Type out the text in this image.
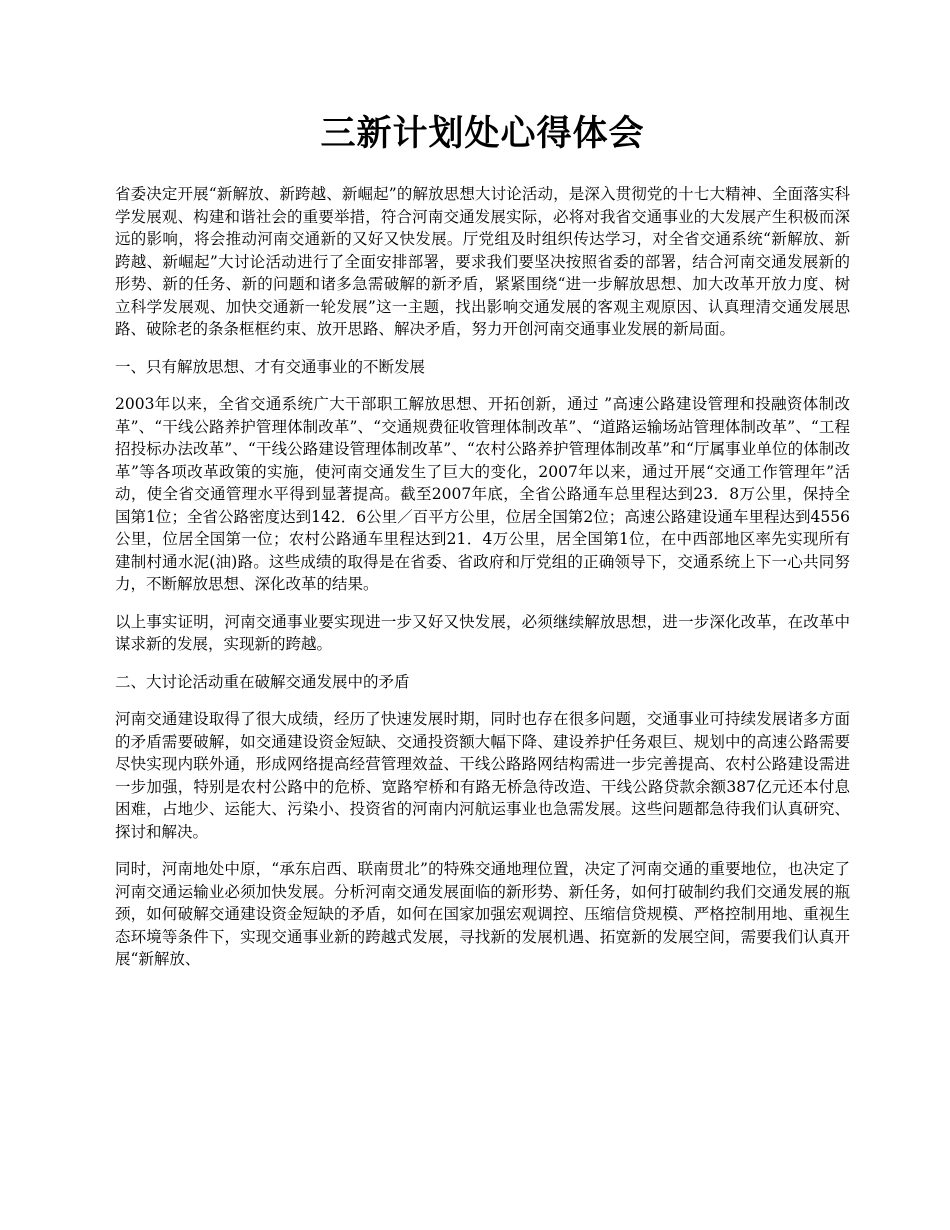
三新计划处心得体会

省委决定开展“新解放、新跨越、新崛起”的解放思想大讨论活动，是深入贯彻党的十七大精神、全面落实科学发展观、构建和谐社会的重要举措，符合河南交通发展实际，必将对我省交通事业的大发展产生积极而深远的影响，将会推动河南交通新的又好又快发展。厅党组及时组织传达学习，对全省交通系统“新解放、新跨越、新崛起”大讨论活动进行了全面安排部署，要求我们要坚决按照省委的部署，结合河南交通发展新的形势、新的任务、新的问题和诸多急需破解的新矛盾，紧紧围绕“进一步解放思想、加大改革开放力度、树立科学发展观、加快交通新一轮发展”这一主题，找出影响交通发展的客观主观原因、认真理清交通发展思路、破除老的条条框框约束、放开思路、解决矛盾，努力开创河南交通事业发展的新局面。

一、只有解放思想、才有交通事业的不断发展

2003年以来，全省交通系统广大干部职工解放思想、开拓创新，通过 ”高速公路建设管理和投融资体制改革”、“干线公路养护管理体制改革”、“交通规费征收管理体制改革”、“道路运输场站管理体制改革”、“工程招投标办法改革”、“干线公路建设管理体制改革”、“农村公路养护管理体制改革”和“厅属事业单位的体制改革”等各项改革政策的实施，使河南交通发生了巨大的变化，2007年以来，通过开展“交通工作管理年”活动，使全省交通管理水平得到显著提高。截至2007年底，全省公路通车总里程达到23．8万公里，保持全国第1位；全省公路密度达到142．6公里／百平方公里，位居全国第2位；高速公路建设通车里程达到4556公里，位居全国第一位；农村公路通车里程达到21．4万公里，居全国第1位，在中西部地区率先实现所有建制村通水泥(油)路。这些成绩的取得是在省委、省政府和厅党组的正确领导下，交通系统上下一心共同努力，不断解放思想、深化改革的结果。

以上事实证明，河南交通事业要实现进一步又好又快发展，必须继续解放思想，进一步深化改革，在改革中谋求新的发展，实现新的跨越。

二、大讨论活动重在破解交通发展中的矛盾

河南交通建设取得了很大成绩，经历了快速发展时期，同时也存在很多问题，交通事业可持续发展诸多方面的矛盾需要破解，如交通建设资金短缺、交通投资额大幅下降、建设养护任务艰巨、规划中的高速公路需要尽快实现内联外通，形成网络提高经营管理效益、干线公路路网结构需进一步完善提高、农村公路建设需进一步加强，特别是农村公路中的危桥、宽路窄桥和有路无桥急待改造、干线公路贷款余额387亿元还本付息困难，占地少、运能大、污染小、投资省的河南内河航运事业也急需发展。这些问题都急待我们认真研究、探讨和解决。

同时，河南地处中原，“承东启西、联南贯北”的特殊交通地理位置，决定了河南交通的重要地位，也决定了河南交通运输业必须加快发展。分析河南交通发展面临的新形势、新任务，如何打破制约我们交通发展的瓶颈，如何破解交通建设资金短缺的矛盾，如何在国家加强宏观调控、压缩信贷规模、严格控制用地、重视生态环境等条件下，实现交通事业新的跨越式发展，寻找新的发展机遇、拓宽新的发展空间，需要我们认真开展“新解放、
